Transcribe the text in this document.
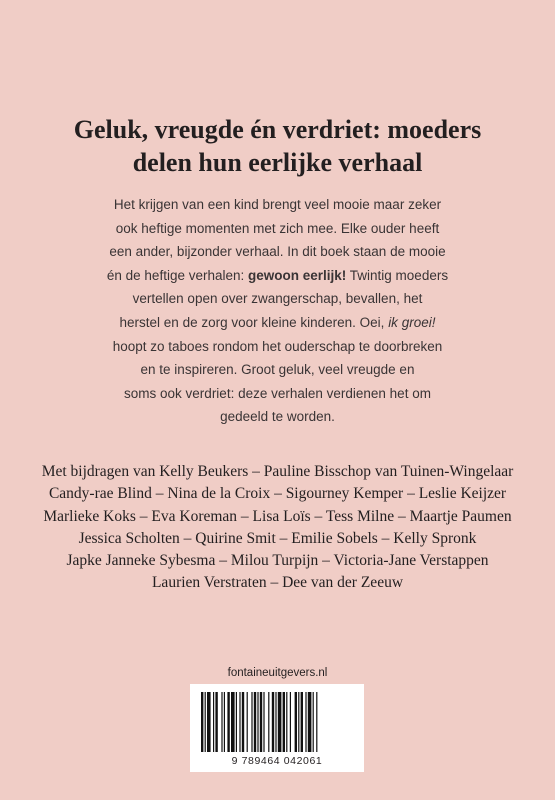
Geluk, vreugde én verdriet: moeders
delen hun eerlijke verhaal
Het krijgen van een kind brengt veel mooie maar zeker
ook heftige momenten met zich mee. Elke ouder heeft
een ander, bijzonder verhaal. In dit boek staan de mooie
én de heftige verhalen: gewoon eerlijk! Twintig moeders
vertellen open over zwangerschap, bevallen, het
herstel en de zorg voor kleine kinderen. Oei, ik groei!
hoopt zo taboes rondom het ouderschap te doorbreken
en te inspireren. Groot geluk, veel vreugde en
soms ook verdriet: deze verhalen verdienen het om
gedeeld te worden.
Met bijdragen van Kelly Beukers – Pauline Bisschop van Tuinen-Wingelaar
Candy-rae Blind – Nina de la Croix – Sigourney Kemper – Leslie Keijzer
Marlieke Koks – Eva Koreman – Lisa Loïs – Tess Milne – Maartje Paumen
Jessica Scholten – Quirine Smit – Emilie Sobels – Kelly Spronk
Japke Janneke Sybesma – Milou Turpijn – Victoria-Jane Verstappen
Laurien Verstraten – Dee van der Zeeuw
fontaineuitgevers.nl
9 789464 042061
